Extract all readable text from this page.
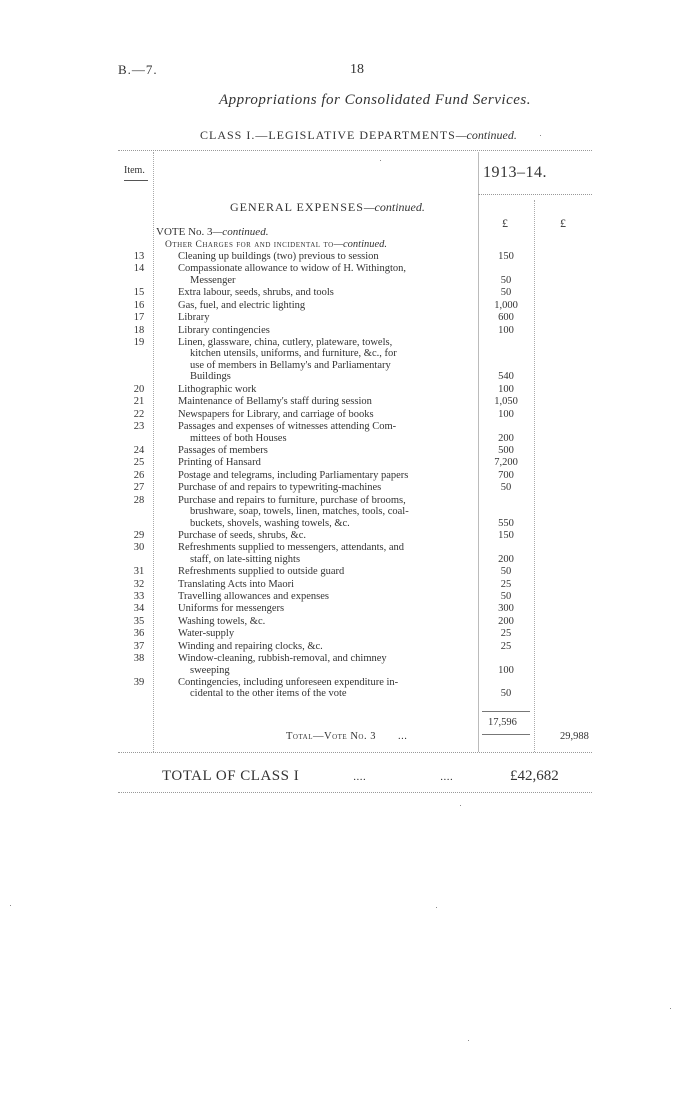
B.—7.	18
Appropriations for Consolidated Fund Services.
CLASS I.—LEGISLATIVE DEPARTMENTS—continued.
Item.	1913–14.
GENERAL EXPENSES—continued.
£	£
VOTE No. 3—continued.
Other Charges for and incidental to—continued.
13	Cleaning up buildings (two) previous to session	150
14	Compassionate allowance to widow of H. Withington,
Messenger	50
15	Extra labour, seeds, shrubs, and tools	50
16	Gas, fuel, and electric lighting	1,000
17	Library	600
18	Library contingencies	100
19	Linen, glassware, china, cutlery, plateware, towels,
kitchen utensils, uniforms, and furniture, &c., for
use of members in Bellamy's and Parliamentary
Buildings	540
20	Lithographic work	100
21	Maintenance of Bellamy's staff during session	1,050
22	Newspapers for Library, and carriage of books	100
23	Passages and expenses of witnesses attending Com-
mittees of both Houses	200
24	Passages of members	500
25	Printing of Hansard	7,200
26	Postage and telegrams, including Parliamentary papers	700
27	Purchase of and repairs to typewriting-machines	50
28	Purchase and repairs to furniture, purchase of brooms,
brushware, soap, towels, linen, matches, tools, coal-
buckets, shovels, washing towels, &c.	550
29	Purchase of seeds, shrubs, &c.	150
30	Refreshments supplied to messengers, attendants, and
staff, on late-sitting nights	200
31	Refreshments supplied to outside guard	50
32	Translating Acts into Maori	25
33	Travelling allowances and expenses	50
34	Uniforms for messengers	300
35	Washing towels, &c.	200
36	Water-supply	25
37	Winding and repairing clocks, &c.	25
38	Window-cleaning, rubbish-removal, and chimney
sweeping	100
39	Contingencies, including unforeseen expenditure in-
cidental to the other items of the vote	50
17,596
Total—Vote No. 3 ...	29,988
TOTAL OF CLASS I	....	....	£42,682
